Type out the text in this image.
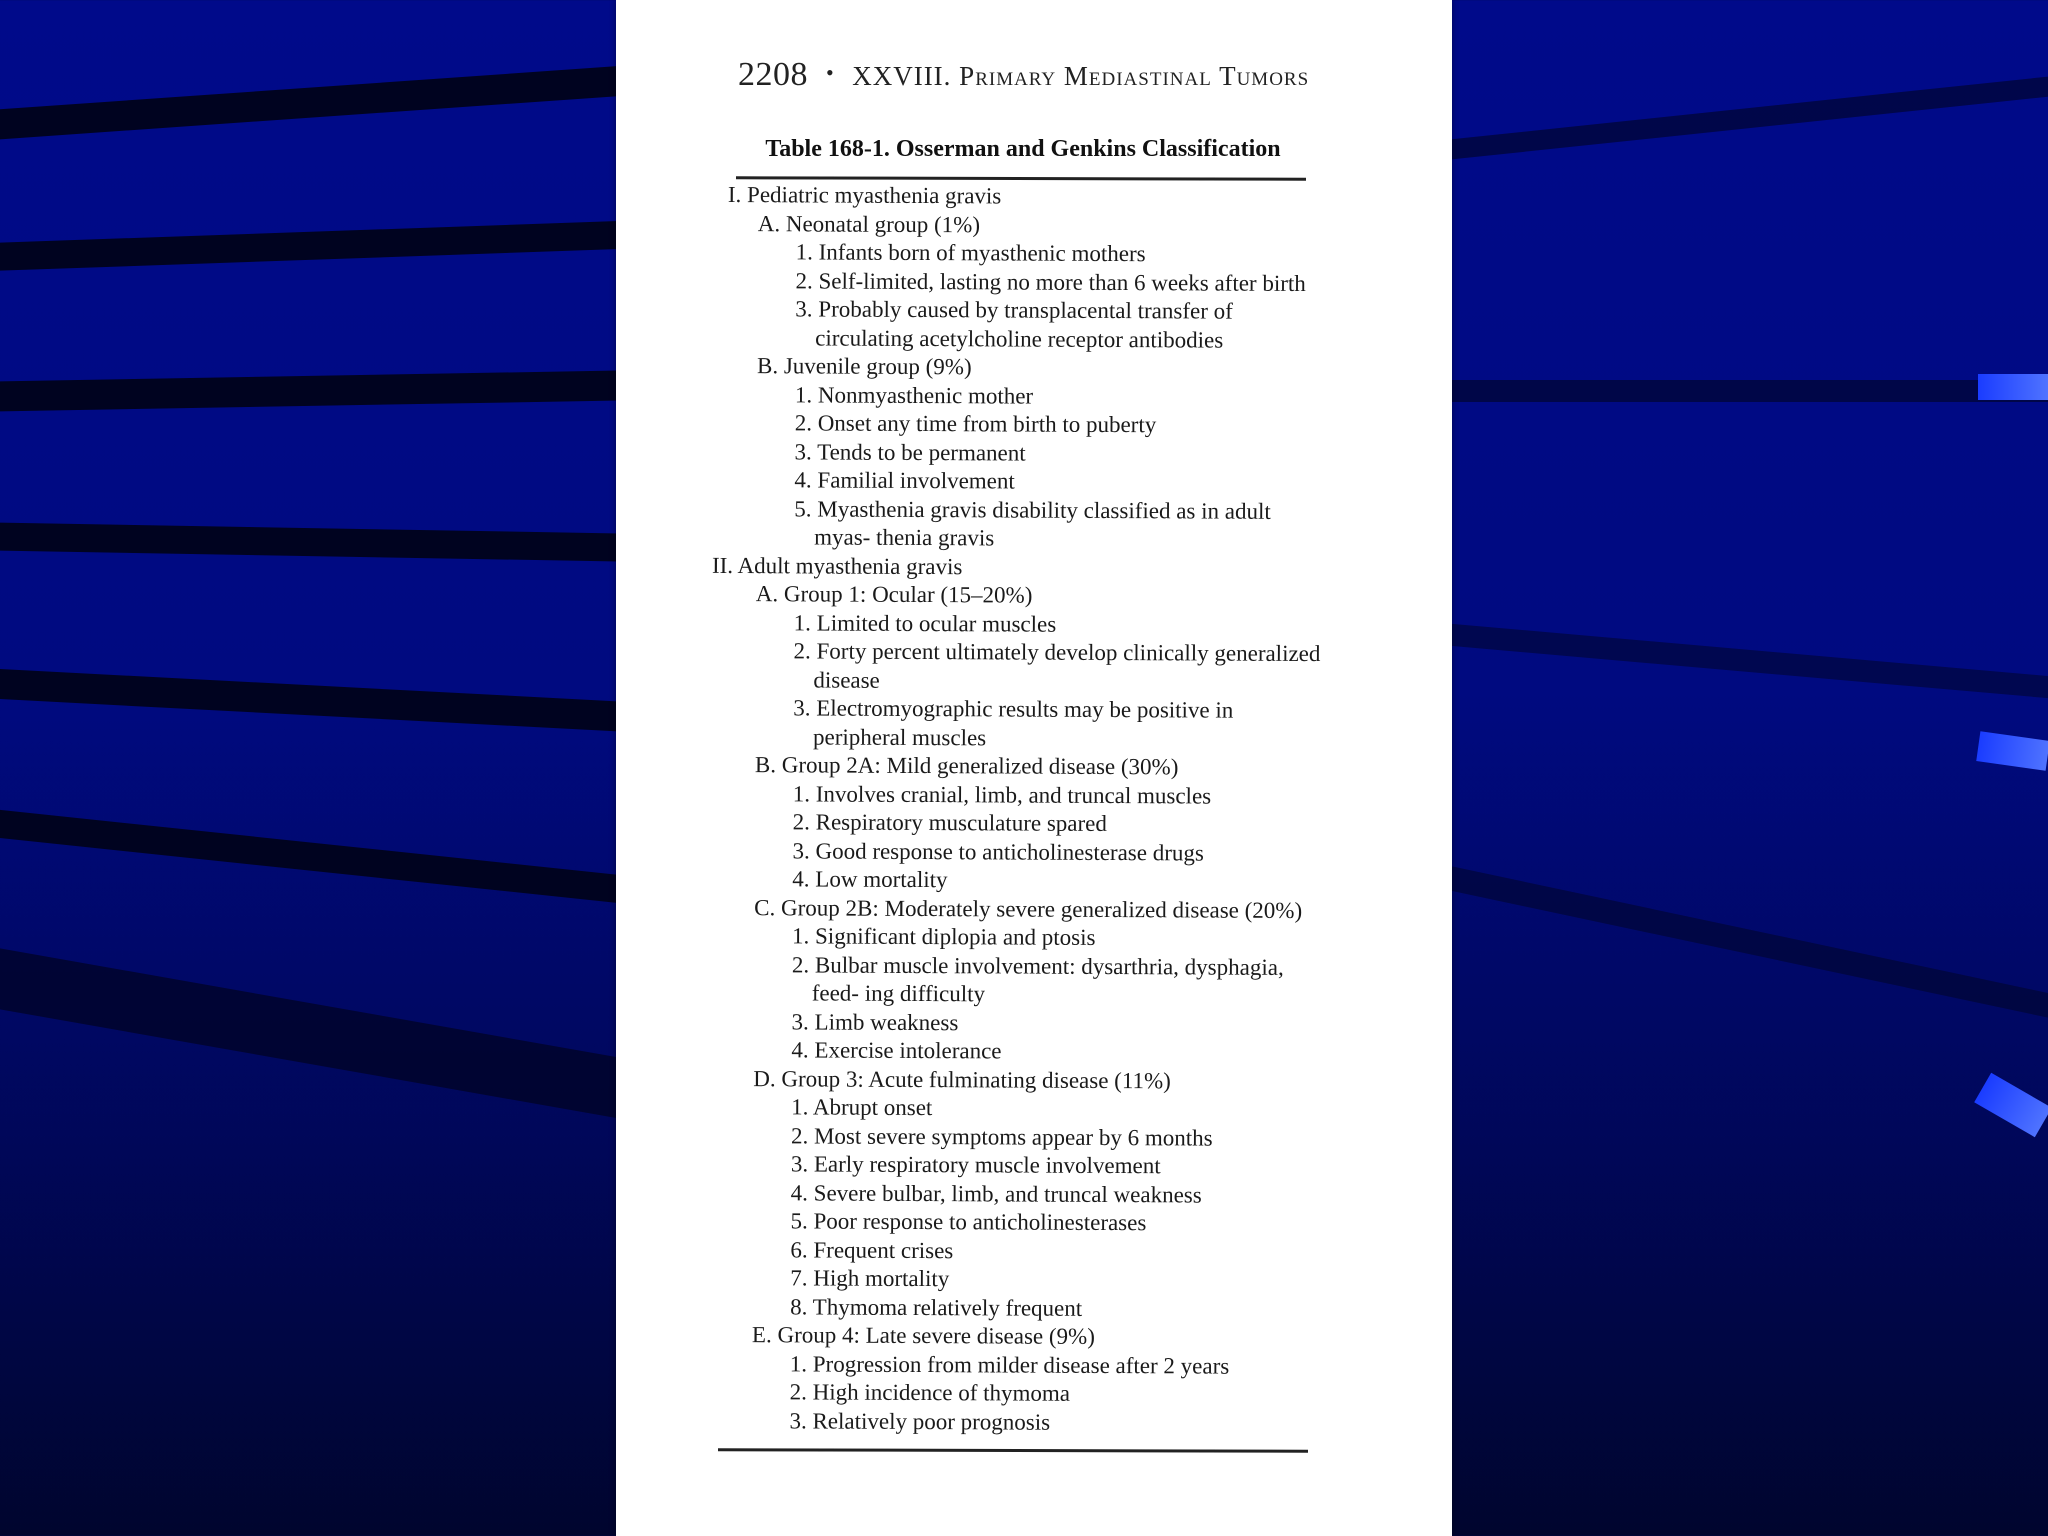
2208 • XXVIII. Primary Mediastinal Tumors
Table 168-1. Osserman and Genkins Classification
I. Pediatric myasthenia gravis
A. Neonatal group (1%)
1. Infants born of myasthenic mothers
2. Self-limited, lasting no more than 6 weeks after birth
3. Probably caused by transplacental transfer of circulating acetylcholine receptor antibodies
B. Juvenile group (9%)
1. Nonmyasthenic mother
2. Onset any time from birth to puberty
3. Tends to be permanent
4. Familial involvement
5. Myasthenia gravis disability classified as in adult myas- thenia gravis
II. Adult myasthenia gravis
A. Group 1: Ocular (15–20%)
1. Limited to ocular muscles
2. Forty percent ultimately develop clinically generalized disease
3. Electromyographic results may be positive in peripheral muscles
B. Group 2A: Mild generalized disease (30%)
1. Involves cranial, limb, and truncal muscles
2. Respiratory musculature spared
3. Good response to anticholinesterase drugs
4. Low mortality
C. Group 2B: Moderately severe generalized disease (20%)
1. Significant diplopia and ptosis
2. Bulbar muscle involvement: dysarthria, dysphagia, feed- ing difficulty
3. Limb weakness
4. Exercise intolerance
D. Group 3: Acute fulminating disease (11%)
1. Abrupt onset
2. Most severe symptoms appear by 6 months
3. Early respiratory muscle involvement
4. Severe bulbar, limb, and truncal weakness
5. Poor response to anticholinesterases
6. Frequent crises
7. High mortality
8. Thymoma relatively frequent
E. Group 4: Late severe disease (9%)
1. Progression from milder disease after 2 years
2. High incidence of thymoma
3. Relatively poor prognosis
